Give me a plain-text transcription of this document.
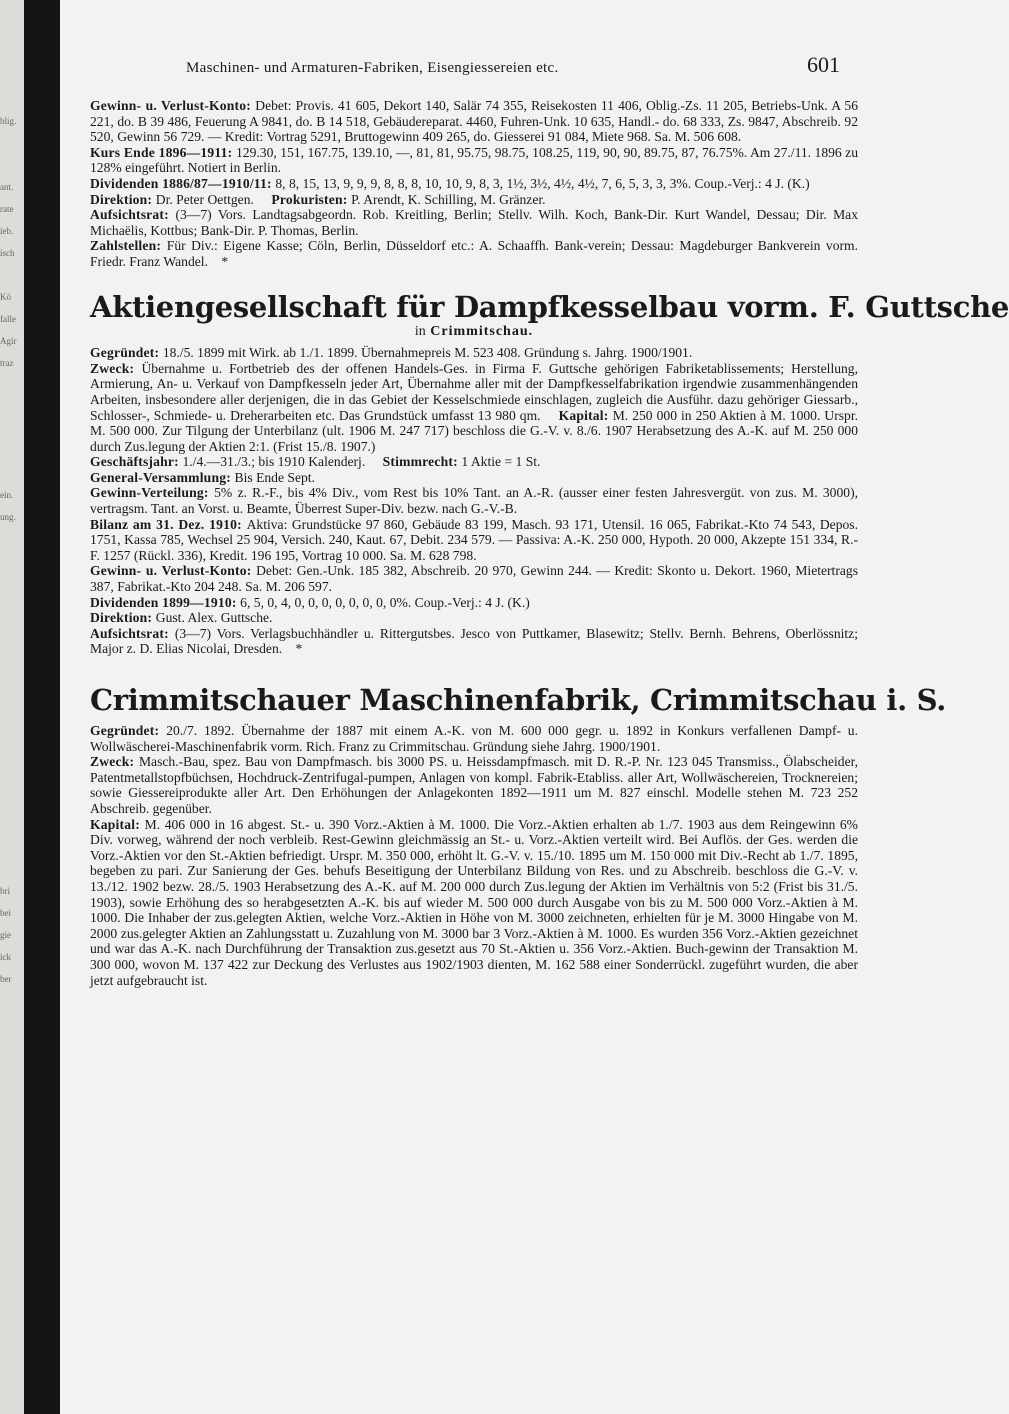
blig.

ant.
rate
ieb.
isch

Kö
falle
Agir
traz

ein.
ung.

bri
bei
gie
ick
ber
Maschinen- und Armaturen-Fabriken, Eisengiessereien etc.	601

Gewinn- u. Verlust-Konto: Debet: Provis. 41 605, Dekort 140, Salär 74 355, Reisekosten 11 406, Oblig.-Zs. 11 205, Betriebs-Unk. A 56 221, do. B 39 486, Feuerung A 9841, do. B 14 518, Gebäudereparat. 4460, Fuhren-Unk. 10 635, Handl.- do. 68 333, Zs. 9847, Abschreib. 92 520, Gewinn 56 729. — Kredit: Vortrag 5291, Bruttogewinn 409 265, do. Giesserei 91 084, Miete 968. Sa. M. 506 608.

Kurs Ende 1896—1911: 129.30, 151, 167.75, 139.10, —, 81, 81, 95.75, 98.75, 108.25, 119, 90, 90, 89.75, 87, 76.75%. Am 27./11. 1896 zu 128% eingeführt. Notiert in Berlin.

Dividenden 1886/87—1910/11: 8, 8, 15, 13, 9, 9, 9, 8, 8, 8, 10, 10, 9, 8, 3, 1½, 3½, 4½, 4½, 7, 6, 5, 3, 3, 3%. Coup.-Verj.: 4 J. (K.)

Direktion: Dr. Peter Oettgen. Prokuristen: P. Arendt, K. Schilling, M. Gränzer.

Aufsichtsrat: (3—7) Vors. Landtagsabgeordn. Rob. Kreitling, Berlin; Stellv. Wilh. Koch, Bank-Dir. Kurt Wandel, Dessau; Dir. Max Michaëlis, Kottbus; Bank-Dir. P. Thomas, Berlin.

Zahlstellen: Für Div.: Eigene Kasse; Cöln, Berlin, Düsseldorf etc.: A. Schaaffh. Bank-verein; Dessau: Magdeburger Bankverein vorm. Friedr. Franz Wandel. *

Aktiengesellschaft für Dampfkesselbau vorm. F. Guttsche
in Crimmitschau.

Gegründet: 18./5. 1899 mit Wirk. ab 1./1. 1899. Übernahmepreis M. 523 408. Gründung s. Jahrg. 1900/1901.

Zweck: Übernahme u. Fortbetrieb des der offenen Handels-Ges. in Firma F. Guttsche gehörigen Fabriketablissements; Herstellung, Armierung, An- u. Verkauf von Dampfkesseln jeder Art, Übernahme aller mit der Dampfkesselfabrikation irgendwie zusammenhängenden Arbeiten, insbesondere aller derjenigen, die in das Gebiet der Kesselschmiede einschlagen, zugleich die Ausführ. dazu gehöriger Giessarb., Schlosser-, Schmiede- u. Dreherarbeiten etc. Das Grundstück umfasst 13 980 qm. Kapital: M. 250 000 in 250 Aktien à M. 1000. Urspr. M. 500 000. Zur Tilgung der Unterbilanz (ult. 1906 M. 247 717) beschloss die G.-V. v. 8./6. 1907 Herabsetzung des A.-K. auf M. 250 000 durch Zus.legung der Aktien 2:1. (Frist 15./8. 1907.)

Geschäftsjahr: 1./4.—31./3.; bis 1910 Kalenderj. Stimmrecht: 1 Aktie = 1 St.

General-Versammlung: Bis Ende Sept.

Gewinn-Verteilung: 5% z. R.-F., bis 4% Div., vom Rest bis 10% Tant. an A.-R. (ausser einer festen Jahresvergüt. von zus. M. 3000), vertragsm. Tant. an Vorst. u. Beamte, Überrest Super-Div. bezw. nach G.-V.-B.

Bilanz am 31. Dez. 1910: Aktiva: Grundstücke 97 860, Gebäude 83 199, Masch. 93 171, Utensil. 16 065, Fabrikat.-Kto 74 543, Depos. 1751, Kassa 785, Wechsel 25 904, Versich. 240, Kaut. 67, Debit. 234 579. — Passiva: A.-K. 250 000, Hypoth. 20 000, Akzepte 151 334, R.-F. 1257 (Rückl. 336), Kredit. 196 195, Vortrag 10 000. Sa. M. 628 798.

Gewinn- u. Verlust-Konto: Debet: Gen.-Unk. 185 382, Abschreib. 20 970, Gewinn 244. — Kredit: Skonto u. Dekort. 1960, Mietertrags 387, Fabrikat.-Kto 204 248. Sa. M. 206 597.

Dividenden 1899—1910: 6, 5, 0, 4, 0, 0, 0, 0, 0, 0, 0, 0%. Coup.-Verj.: 4 J. (K.)

Direktion: Gust. Alex. Guttsche.

Aufsichtsrat: (3—7) Vors. Verlagsbuchhändler u. Rittergutsbes. Jesco von Puttkamer, Blasewitz; Stellv. Bernh. Behrens, Oberlössnitz; Major z. D. Elias Nicolai, Dresden. *

Crimmitschauer Maschinenfabrik, Crimmitschau i. S.

Gegründet: 20./7. 1892. Übernahme der 1887 mit einem A.-K. von M. 600 000 gegr. u. 1892 in Konkurs verfallenen Dampf- u. Wollwäscherei-Maschinenfabrik vorm. Rich. Franz zu Crimmitschau. Gründung siehe Jahrg. 1900/1901.

Zweck: Masch.-Bau, spez. Bau von Dampfmasch. bis 3000 PS. u. Heissdampfmasch. mit D. R.-P. Nr. 123 045 Transmiss., Ölabscheider, Patentmetallstopfbüchsen, Hochdruck-Zentrifugal-pumpen, Anlagen von kompl. Fabrik-Etabliss. aller Art, Wollwäschereien, Trocknereien; sowie Giessereiprodukte aller Art. Den Erhöhungen der Anlagekonten 1892—1911 um M. 827 einschl. Modelle stehen M. 723 252 Abschreib. gegenüber.

Kapital: M. 406 000 in 16 abgest. St.- u. 390 Vorz.-Aktien à M. 1000. Die Vorz.-Aktien erhalten ab 1./7. 1903 aus dem Reingewinn 6% Div. vorweg, während der noch verbleib. Rest-Gewinn gleichmässig an St.- u. Vorz.-Aktien verteilt wird. Bei Auflös. der Ges. werden die Vorz.-Aktien vor den St.-Aktien befriedigt. Urspr. M. 350 000, erhöht lt. G.-V. v. 15./10. 1895 um M. 150 000 mit Div.-Recht ab 1./7. 1895, begeben zu pari. Zur Sanierung der Ges. behufs Beseitigung der Unterbilanz Bildung von Res. und zu Abschreib. beschloss die G.-V. v. 13./12. 1902 bezw. 28./5. 1903 Herabsetzung des A.-K. auf M. 200 000 durch Zus.legung der Aktien im Verhältnis von 5:2 (Frist bis 31./5. 1903), sowie Erhöhung des so herabgesetzten A.-K. bis auf wieder M. 500 000 durch Ausgabe von bis zu M. 500 000 Vorz.-Aktien à M. 1000. Die Inhaber der zus.gelegten Aktien, welche Vorz.-Aktien in Höhe von M. 3000 zeichneten, erhielten für je M. 3000 Hingabe von M. 2000 zus.gelegter Aktien an Zahlungsstatt u. Zuzahlung von M. 3000 bar 3 Vorz.-Aktien à M. 1000. Es wurden 356 Vorz.-Aktien gezeichnet und war das A.-K. nach Durchführung der Transaktion zus.gesetzt aus 70 St.-Aktien u. 356 Vorz.-Aktien. Buch-gewinn der Transaktion M. 300 000, wovon M. 137 422 zur Deckung des Verlustes aus 1902/1903 dienten, M. 162 588 einer Sonderrückl. zugeführt wurden, die aber jetzt aufgebraucht ist.
